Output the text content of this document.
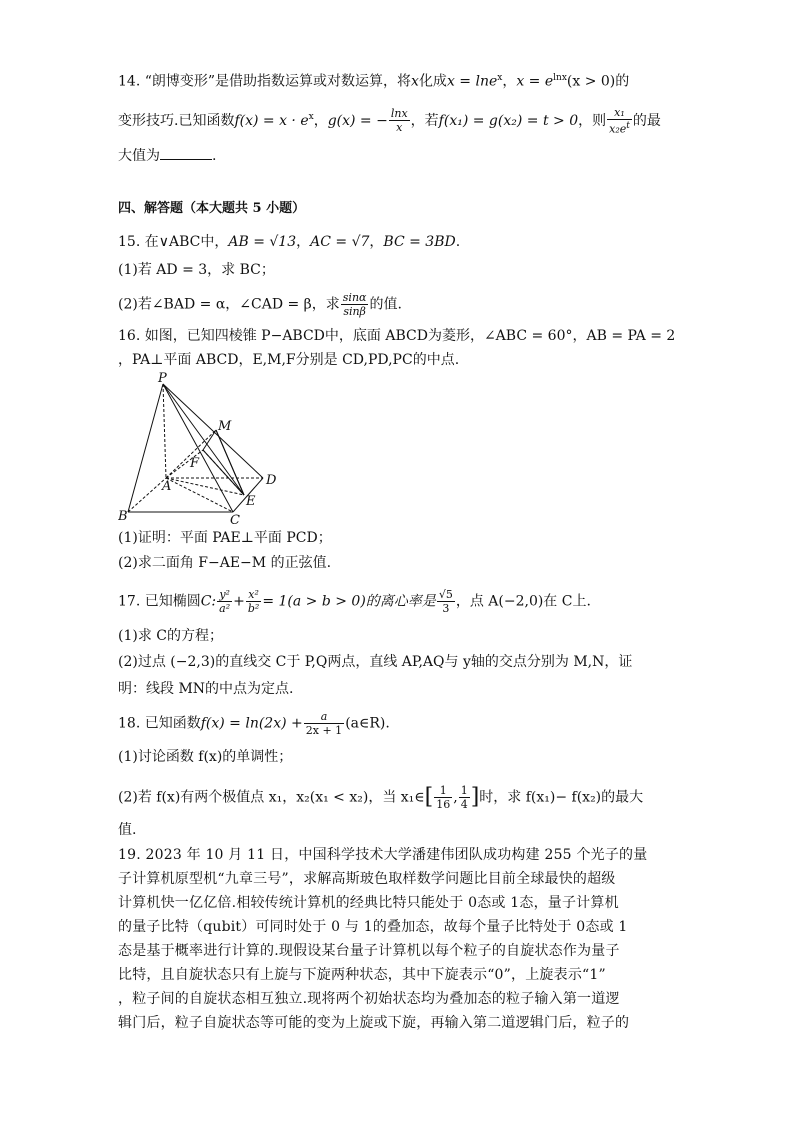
14. “朗博变形”是借助指数运算或对数运算，将x化成x = lne$^x$，$x = e^{lnx}(x > 0)$的
变形技巧.已知函数$f(x) = x \cdot e^x$，g(x) = − $\frac{\ln x}{x}$ ，若f(x₁) = g(x₂) = t > 0，则 $\frac{\text{x₁}}{x_2e^t}$ 的最
大值为	.
四、解答题（本大题共 5 小题）
15. 在∨ABC中，AB = √13，AC = √7，BC = 3BD.
(1)若 AD = 3，求 BC；
(2)若∠BAD = α，∠CAD = β，求 $\frac{\sin\alpha}{\sin\beta}$ 的值.
16. 如图，已知四棱锥 P−ABCD中，底面 ABCD为菱形，∠ABC = 60°，AB = PA = 2
，PA⊥平面 ABCD，E,M,F分别是 CD,PD,PC的中点.
P
M
F
A	D
E
B	C
(1)证明：平面 PAE⊥平面 PCD；
(2)求二面角 F−AE−M 的正弦值.
17. 已知椭圆C: $\frac{\text{y²}}{\text{a²}} + \frac{\text{x²}}{\text{b²}} = 1(a > b > 0)$的离心率是 $\frac{√5}{3}$ ，点 A(−2,0)在 C上.
(1)求 C的方程；
(2)过点 (−2,3)的直线交 C于 P,Q两点，直线 AP,AQ与 y轴的交点分别为 M,N，证
明：线段 MN的中点为定点.
18. 已知函数$f(x) = \ln(2x) + \frac{a}{2x + 1}$ (a∈R).
(1)讨论函数 f(x)的单调性；
(2)若 f(x)有两个极值点 x₁，x₂(x₁ < x₂)，当 x₁∈[ $\frac{1}{16}$ , $\frac{1}{4}$ ]时，求 f(x₁)− f(x₂)的最大
值.
19. 2023 年 10 月 11 日，中国科学技术大学潘建伟团队成功构建 255 个光子的量
子计算机原型机“九章三号”，求解高斯玻色取样数学问题比目前全球最快的超级
计算机快一亿亿倍.相较传统计算机的经典比特只能处于 0态或 1态，量子计算机
的量子比特（qubit）可同时处于 0 与 1的叠加态，故每个量子比特处于 0态或 1
态是基于概率进行计算的.现假设某台量子计算机以每个粒子的自旋状态作为量子
比特，且自旋状态只有上旋与下旋两种状态，其中下旋表示“0”，上旋表示“1”
，粒子间的自旋状态相互独立.现将两个初始状态均为叠加态的粒子输入第一道逻
辑门后，粒子自旋状态等可能的变为上旋或下旋，再输入第二道逻辑门后，粒子的
